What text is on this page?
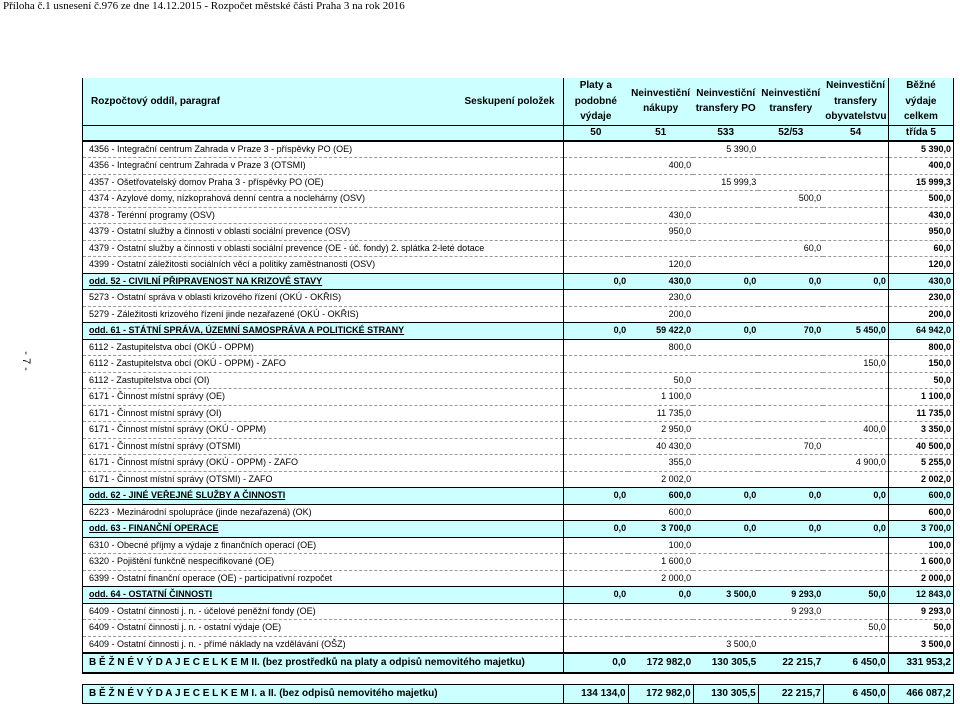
Příloha č.1 usnesení č.976 ze dne 14.12.2015 - Rozpočet městské části Praha 3 na rok 2016
- 7 -
Rozpočtový oddíl, paragraf Seskupení položek	Platy a podobné výdaje	Neinvestiční nákupy	Neinvestiční transfery PO	Neinvestiční transfery	Neinvestiční transfery obyvatelstvu	Běžné výdaje celkem
	50	51	533	52/53	54	třída 5
4356 - Integrační centrum Zahrada v Praze 3 - příspěvky PO (OE)			5 390,0			5 390,0
4356 - Integrační centrum Zahrada v Praze 3 (OTSMI)		400,0				400,0
4357 - Ošetřovatelský domov Praha 3 - příspěvky PO (OE)			15 999,3			15 999,3
4374 - Azylové domy, nízkoprahová denní centra a noclehárny (OSV)				500,0		500,0
4378 - Terénní programy (OSV)		430,0				430,0
4379 - Ostatní služby a činnosti v oblasti sociální prevence (OSV)		950,0				950,0
4379 - Ostatní služby a činnosti v oblasti sociální prevence (OE - úč. fondy) 2. splátka 2-leté dotace				60,0		60,0
4399 - Ostatní záležitosti sociálních věcí a politiky zaměstnanosti (OSV)		120,0				120,0
odd. 52 - CIVILNÍ PŘIPRAVENOST NA KRIZOVÉ STAVY	0,0	430,0	0,0	0,0	0,0	430,0
5273 - Ostatní správa v oblasti krizového řízení (OKÚ - OKŘIS)		230,0				230,0
5279 - Záležitosti krizového řízení jinde nezařazené (OKÚ - OKŘIS)		200,0				200,0
odd. 61 - STÁTNÍ SPRÁVA, ÚZEMNÍ SAMOSPRÁVA A POLITICKÉ STRANY	0,0	59 422,0	0,0	70,0	5 450,0	64 942,0
6112 - Zastupitelstva obcí (OKÚ - OPPM)		800,0				800,0
6112 - Zastupitelstva obcí (OKÚ - OPPM) - ZAFO					150,0	150,0
6112 - Zastupitelstva obcí (OI)		50,0				50,0
6171 - Činnost místní správy (OE)		1 100,0				1 100,0
6171 - Činnost místní správy (OI)		11 735,0				11 735,0
6171 - Činnost místní správy (OKÚ - OPPM)		2 950,0			400,0	3 350,0
6171 - Činnost místní správy (OTSMI)		40 430,0		70,0		40 500,0
6171 - Činnost místní správy (OKÚ - OPPM) - ZAFO		355,0			4 900,0	5 255,0
6171 - Činnost místní správy (OTSMI) - ZAFO		2 002,0				2 002,0
odd. 62 - JINÉ VEŘEJNÉ SLUŽBY A ČINNOSTI	0,0	600,0	0,0	0,0	0,0	600,0
6223 - Mezinárodní spolupráce (jinde nezařazená) (OK)		600,0				600,0
odd. 63 - FINANČNÍ OPERACE	0,0	3 700,0	0,0	0,0	0,0	3 700,0
6310 - Obecné příjmy a výdaje z finančních operací (OE)		100,0				100,0
6320 - Pojištění funkčně nespecifikované (OE)		1 600,0				1 600,0
6399 - Ostatní finanční operace (OE) - participativní rozpočet		2 000,0				2 000,0
odd. 64 - OSTATNÍ ČINNOSTI	0,0	0,0	3 500,0	9 293,0	50,0	12 843,0
6409 - Ostatní činnosti j. n. - účelové peněžní fondy (OE)				9 293,0		9 293,0
6409 - Ostatní činnosti j. n. - ostatní výdaje (OE)					50,0	50,0
6409 - Ostatní činnosti j. n. - přímé náklady na vzdělávání (OŠZ)			3 500,0			3 500,0
B Ě Ž N É V Ý D A J E C E L K E M II. (bez prostředků na platy a odpisů nemovitého majetku)	0,0	172 982,0	130 305,5	22 215,7	6 450,0	331 953,2

B Ě Ž N É V Ý D A J E C E L K E M I. a II. (bez odpisů nemovitého majetku)	134 134,0	172 982,0	130 305,5	22 215,7	6 450,0	466 087,2
